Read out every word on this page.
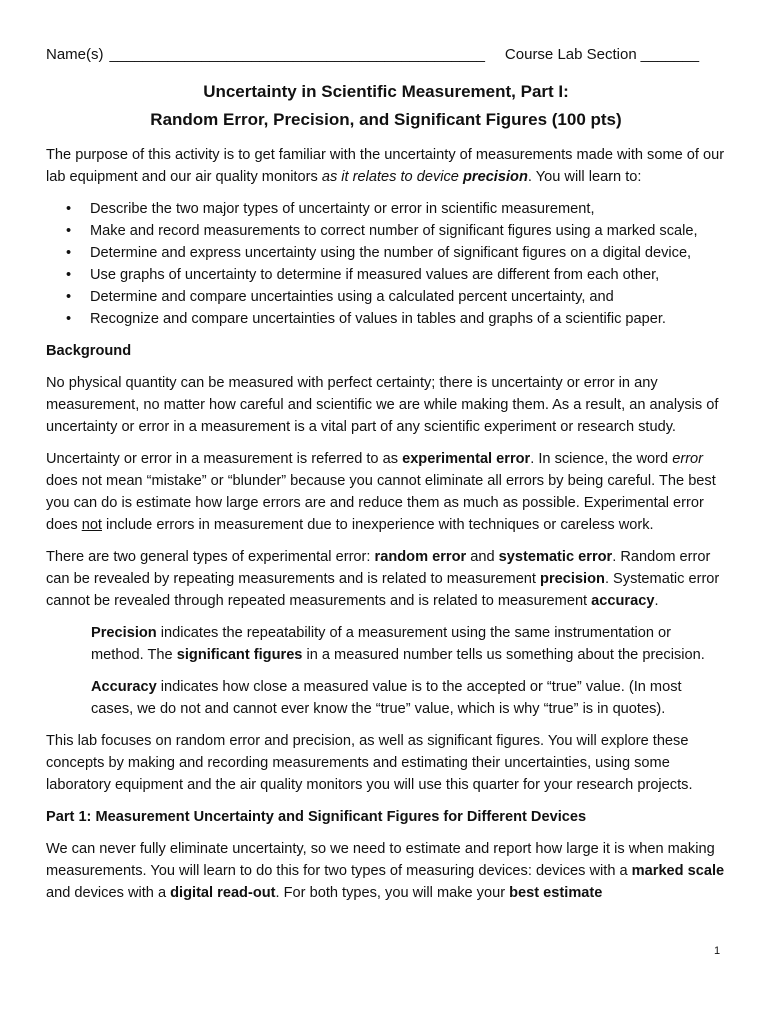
Name(s) _____________________________________________ Course Lab Section _______
Uncertainty in Scientific Measurement, Part I:
Random Error, Precision, and Significant Figures (100 pts)

The purpose of this activity is to get familiar with the uncertainty of measurements made with some of our lab equipment and our air quality monitors as it relates to device precision. You will learn to:

• Describe the two major types of uncertainty or error in scientific measurement,
• Make and record measurements to correct number of significant figures using a marked scale,
• Determine and express uncertainty using the number of significant figures on a digital device,
• Use graphs of uncertainty to determine if measured values are different from each other,
• Determine and compare uncertainties using a calculated percent uncertainty, and
• Recognize and compare uncertainties of values in tables and graphs of a scientific paper.
Background

No physical quantity can be measured with perfect certainty; there is uncertainty or error in any measurement, no matter how careful and scientific we are while making them. As a result, an analysis of uncertainty or error in a measurement is a vital part of any scientific experiment or research study.

Uncertainty or error in a measurement is referred to as experimental error. In science, the word error does not mean “mistake” or “blunder” because you cannot eliminate all errors by being careful. The best you can do is estimate how large errors are and reduce them as much as possible. Experimental error does not include errors in measurement due to inexperience with techniques or careless work.

There are two general types of experimental error: random error and systematic error. Random error can be revealed by repeating measurements and is related to measurement precision. Systematic error cannot be revealed through repeated measurements and is related to measurement accuracy.

Precision indicates the repeatability of a measurement using the same instrumentation or method. The significant figures in a measured number tells us something about the precision.

Accuracy indicates how close a measured value is to the accepted or “true” value. (In most cases, we do not and cannot ever know the “true” value, which is why “true” is in quotes).

This lab focuses on random error and precision, as well as significant figures. You will explore these concepts by making and recording measurements and estimating their uncertainties, using some laboratory equipment and the air quality monitors you will use this quarter for your research projects.

Part 1: Measurement Uncertainty and Significant Figures for Different Devices

We can never fully eliminate uncertainty, so we need to estimate and report how large it is when making measurements. You will learn to do this for two types of measuring devices: devices with a marked scale and devices with a digital read-out. For both types, you will make your best estimate

1
